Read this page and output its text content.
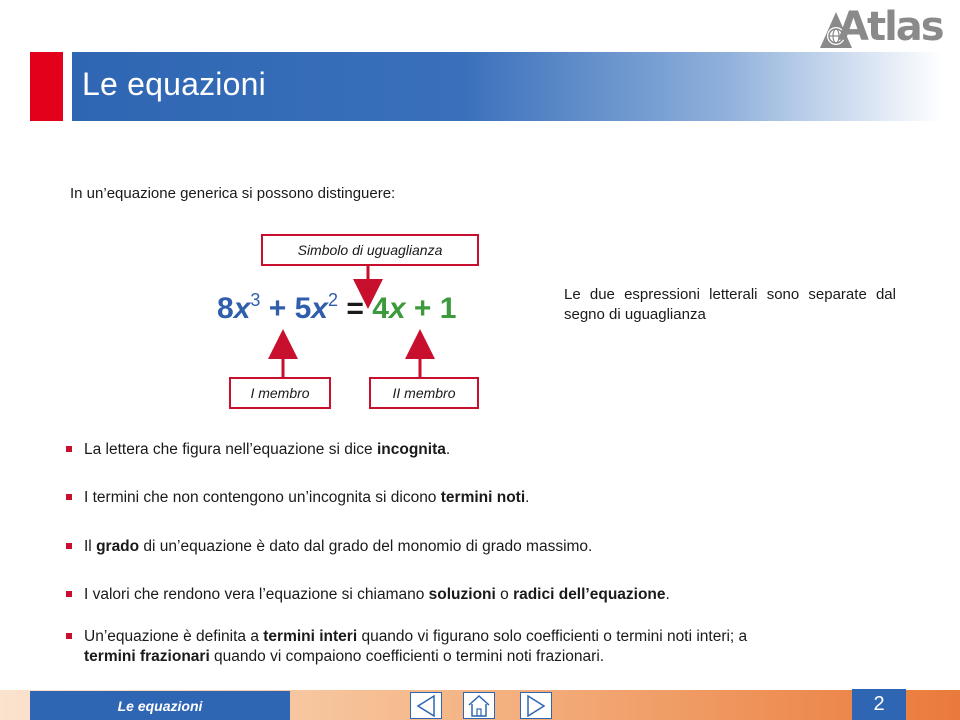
Le equazioni
Atlas
In un’equazione generica si possono distinguere:
Simbolo di uguaglianza
$8x^3 + 5x^2 = 4x + 1$	Le due espressioni letterali sono separate dal segno di uguaglianza
I membro	II membro
La lettera che figura nell’equazione si dice incognita.
I termini che non contengono un’incognita si dicono termini noti.
Il grado di un’equazione è dato dal grado del monomio di grado massimo.
I valori che rendono vera l’equazione si chiamano soluzioni o radici dell’equazione.
Un’equazione è definita a termini interi quando vi figurano solo coefficienti o termini noti interi; a
termini frazionari quando vi compaiono coefficienti o termini noti frazionari.
Le equazioni	2
